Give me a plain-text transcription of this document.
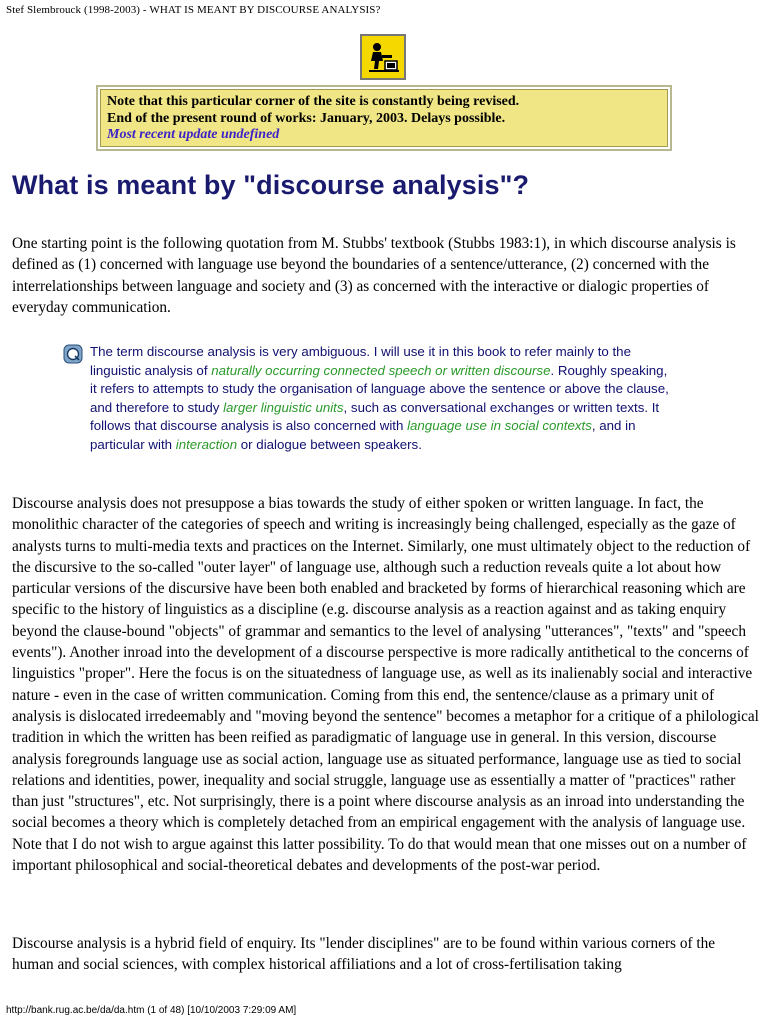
Stef Slembrouck (1998-2003) - WHAT IS MEANT BY DISCOURSE ANALYSIS?
Note that this particular corner of the site is constantly being revised.
End of the present round of works: January, 2003. Delays possible.
Most recent update undefined
What is meant by "discourse analysis"?

One starting point is the following quotation from M. Stubbs' textbook (Stubbs 1983:1), in which discourse analysis is defined as (1) concerned with language use beyond the boundaries of a sentence/utterance, (2) concerned with the interrelationships between language and society and (3) as concerned with the interactive or dialogic properties of everyday communication.

The term discourse analysis is very ambiguous. I will use it in this book to refer mainly to the linguistic analysis of naturally occurring connected speech or written discourse. Roughly speaking, it refers to attempts to study the organisation of language above the sentence or above the clause, and therefore to study larger linguistic units, such as conversational exchanges or written texts. It follows that discourse analysis is also concerned with language use in social contexts, and in particular with interaction or dialogue between speakers.

Discourse analysis does not presuppose a bias towards the study of either spoken or written language. In fact, the monolithic character of the categories of speech and writing is increasingly being challenged, especially as the gaze of analysts turns to multi-media texts and practices on the Internet. Similarly, one must ultimately object to the reduction of the discursive to the so-called "outer layer" of language use, although such a reduction reveals quite a lot about how particular versions of the discursive have been both enabled and bracketed by forms of hierarchical reasoning which are specific to the history of linguistics as a discipline (e.g. discourse analysis as a reaction against and as taking enquiry beyond the clause-bound "objects" of grammar and semantics to the level of analysing "utterances", "texts" and "speech events"). Another inroad into the development of a discourse perspective is more radically antithetical to the concerns of linguistics "proper". Here the focus is on the situatedness of language use, as well as its inalienably social and interactive nature - even in the case of written communication. Coming from this end, the sentence/clause as a primary unit of analysis is dislocated irredeemably and "moving beyond the sentence" becomes a metaphor for a critique of a philological tradition in which the written has been reified as paradigmatic of language use in general. In this version, discourse analysis foregrounds language use as social action, language use as situated performance, language use as tied to social relations and identities, power, inequality and social struggle, language use as essentially a matter of "practices" rather than just "structures", etc. Not surprisingly, there is a point where discourse analysis as an inroad into understanding the social becomes a theory which is completely detached from an empirical engagement with the analysis of language use. Note that I do not wish to argue against this latter possibility. To do that would mean that one misses out on a number of important philosophical and social-theoretical debates and developments of the post-war period.

Discourse analysis is a hybrid field of enquiry. Its "lender disciplines" are to be found within various corners of the human and social sciences, with complex historical affiliations and a lot of cross-fertilisation taking

http://bank.rug.ac.be/da/da.htm (1 of 48) [10/10/2003 7:29:09 AM]
